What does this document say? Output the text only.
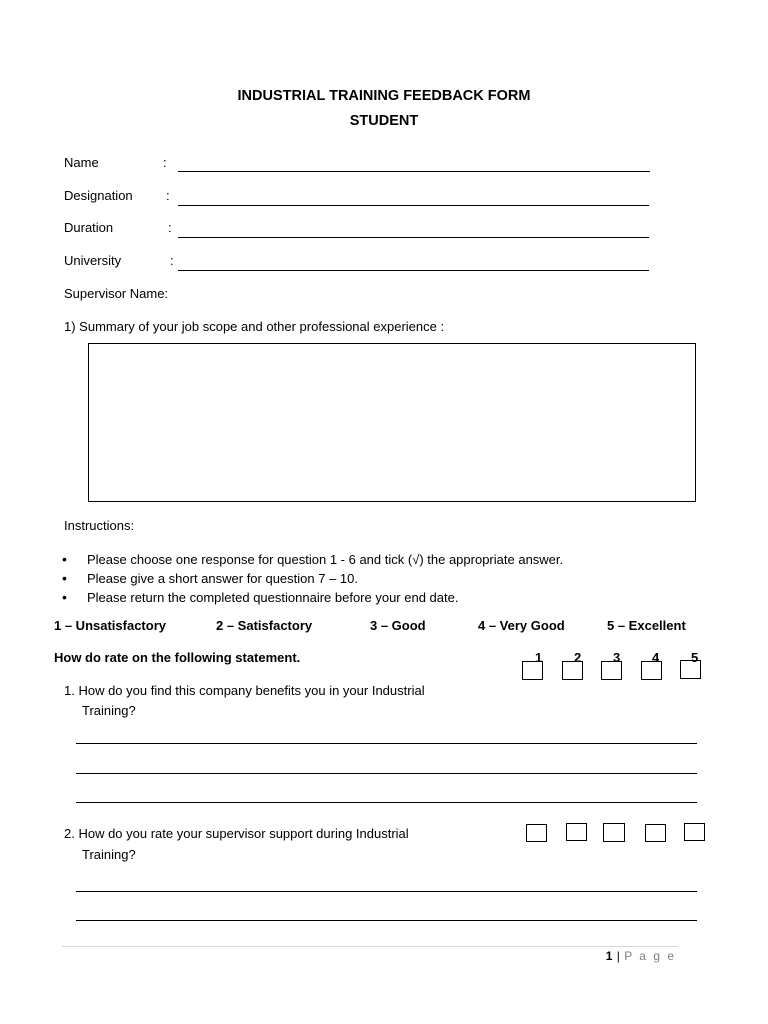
INDUSTRIAL TRAINING FEEDBACK FORM
STUDENT
Name	:
Designation	:
Duration	:
University	:
Supervisor Name:
1) Summary of your job scope and other professional experience :
Instructions:
• Please choose one response for question 1 - 6 and tick (√) the appropriate answer.
• Please give a short answer for question 7 – 10.
• Please return the completed questionnaire before your end date.
1 – Unsatisfactory	2 – Satisfactory	3 – Good	4 – Very Good	5 – Excellent
How do rate on the following statement.	1 2 3 4 5
1. How do you find this company benefits you in your Industrial
Training?
2. How do you rate your supervisor support during Industrial
Training?
1 | P a g e
